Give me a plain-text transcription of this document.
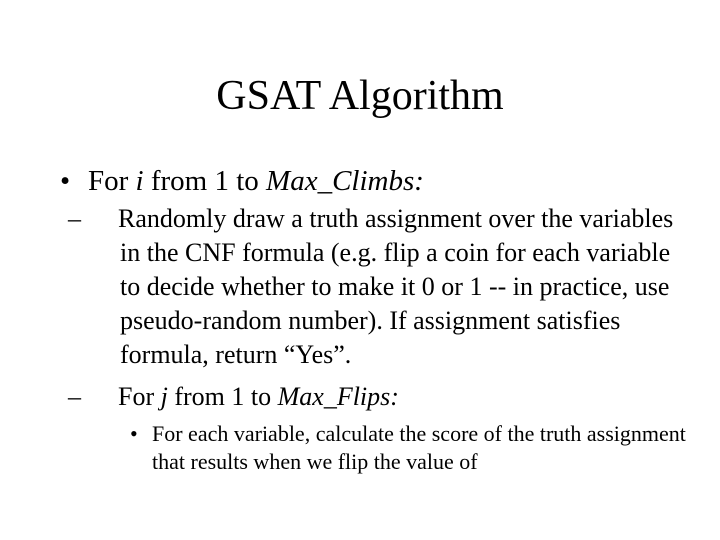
GSAT Algorithm
• For i from 1 to Max_Climbs:
– Randomly draw a truth assignment over the variables in the CNF formula (e.g. flip a coin for each variable to decide whether to make it 0 or 1 -- in practice, use pseudo-random number). If assignment satisfies formula, return “Yes”.
– For j from 1 to Max_Flips:
• For each variable, calculate the score of the truth assignment that results when we flip the value of
